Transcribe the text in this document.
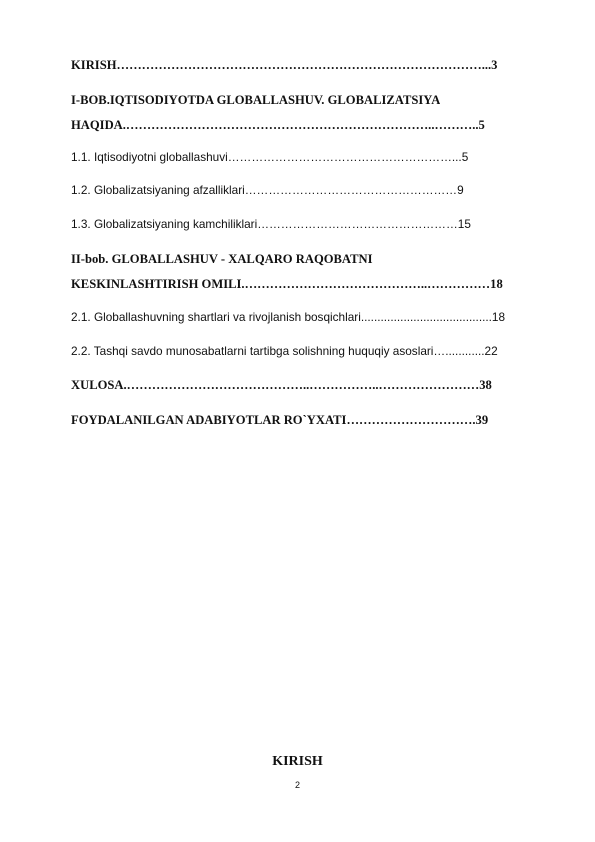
KIRISH……………………………………………………………………………...3
I-BOB.IQTISODIYOTDA GLOBALLASHUV. GLOBALIZATSIYA
HAQIDA.………………………………………………………………..………..5
1.1. Iqtisodiyotni globallashuvi…………………………………………………...5
1.2. Globalizatsiyaning afzalliklari………………………………………………9
1.3. Globalizatsiyaning kamchiliklari……………………………………………15
II-bob. GLOBALLASHUV - XALQARO RAQOBATNI
KESKINLASHTIRISH OMILI.……………………………………..……………18
2.1. Globallashuvning shartlari va rivojlanish bosqichlari........................................18
2.2. Tashqi savdo munosabatlarni tartibga solishning huquqiy asoslari…............22
XULOSA.……………………………………..……………..……………………38
FOYDALANILGAN ADABIYOTLAR RO`YXATI………………………….39
KIRISH
2
